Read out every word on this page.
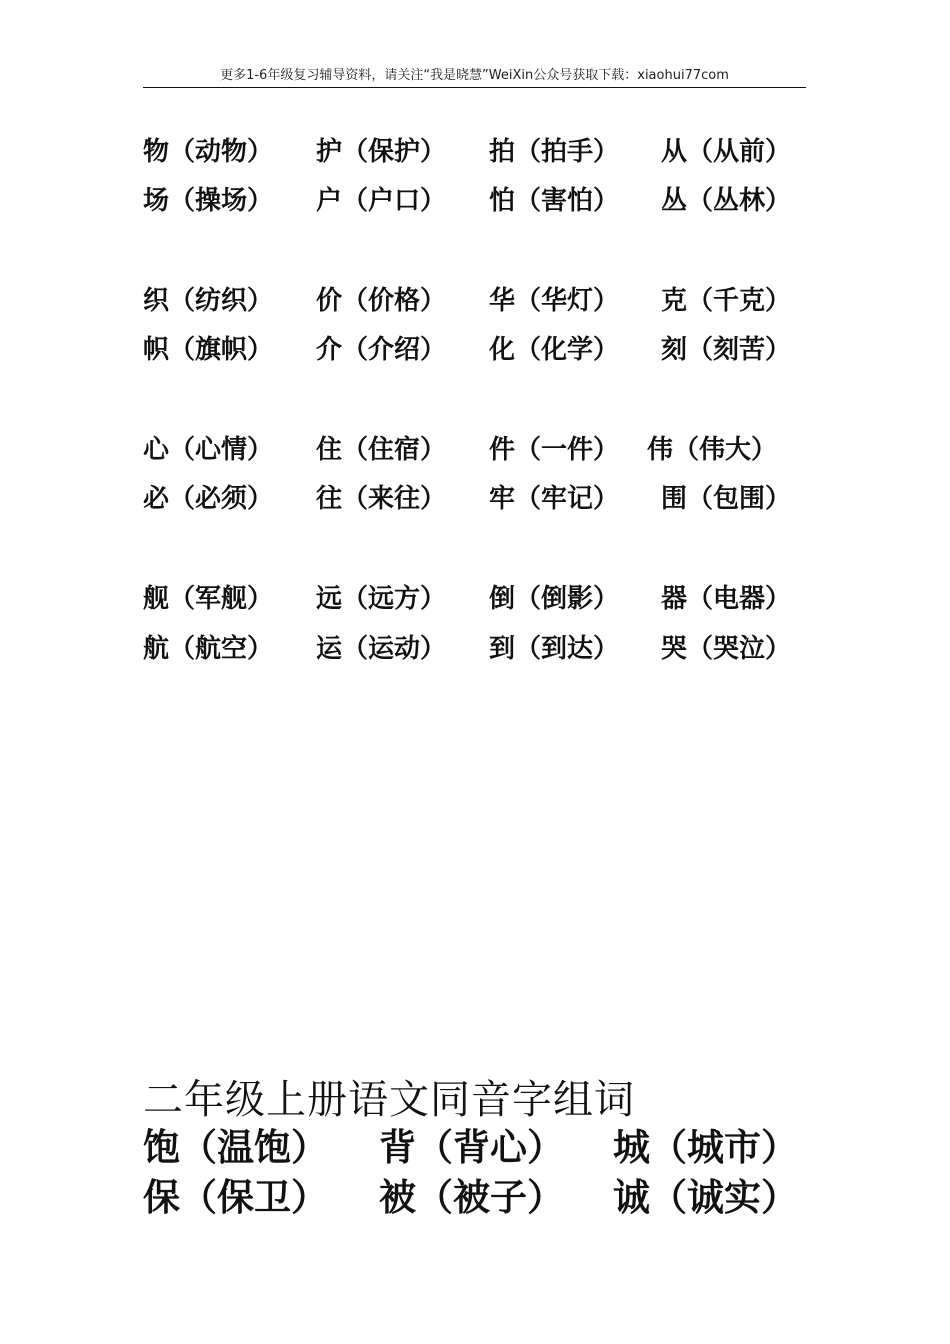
更多1-6年级复习辅导资料，请关注“我是晓慧”WeiXin公众号获取下载：xiaohui77com
物（动物） 护（保护） 拍（拍手） 从（从前）
场（操场） 户（户口） 怕（害怕） 丛（丛林）
织（纺织） 价（价格） 华（华灯） 克（千克）
帜（旗帜） 介（介绍） 化（化学） 刻（刻苦）
心（心情） 住（住宿） 件（一件） 伟（伟大）
必（必须） 往（来往） 牢（牢记） 围（包围）
舰（军舰） 远（远方） 倒（倒影） 器（电器）
航（航空） 运（运动） 到（到达） 哭（哭泣）
二年级上册语文同音字组词
饱（温饱） 背（背心） 城（城市）
保（保卫） 被（被子） 诚（诚实）
